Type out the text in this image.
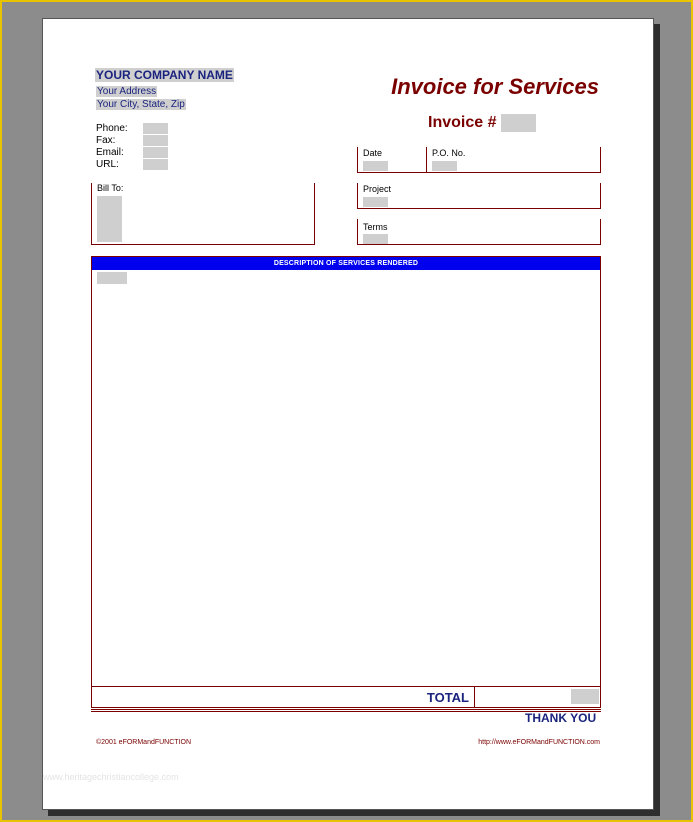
YOUR COMPANY NAME
Your Address
Your City, State, Zip
Phone:
Fax:
Email:
URL:
Invoice for Services
Invoice #
Bill To:
Date	P.O. No.
Project
Terms
DESCRIPTION OF SERVICES RENDERED
TOTAL
THANK YOU
©2001 eFORMandFUNCTION	http://www.eFORMandFUNCTION.com
www.heritagechristiancollege.com
